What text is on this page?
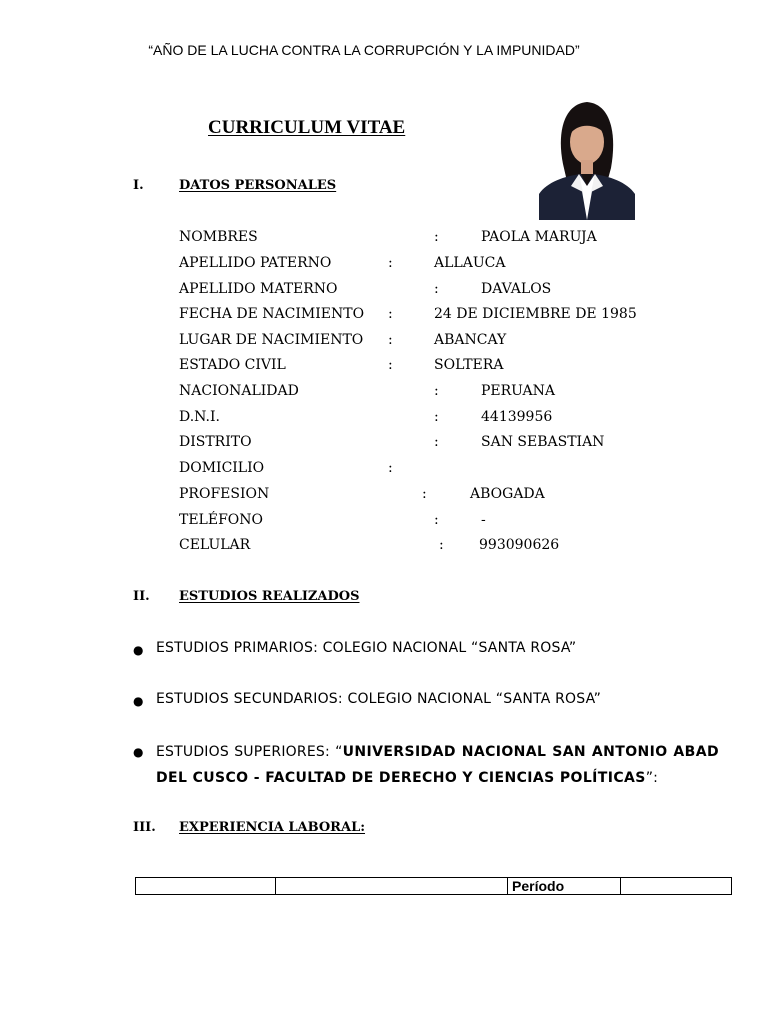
“AÑO DE LA LUCHA CONTRA LA CORRUPCIÓN Y LA IMPUNIDAD”
CURRICULUM VITAE
I.	DATOS PERSONALES
NOMBRES	:	PAOLA MARUJA
APELLIDO PATERNO	:	ALLAUCA
APELLIDO MATERNO	:	DAVALOS
FECHA DE NACIMIENTO :	24 DE DICIEMBRE DE 1985
LUGAR DE NACIMIENTO :	ABANCAY
ESTADO CIVIL	:	SOLTERA
NACIONALIDAD	:	PERUANA
D.N.I.	:	44139956
DISTRITO	:	SAN SEBASTIAN
DOMICILIO	:
PROFESION	:	ABOGADA
TELÉFONO	:	-
CELULAR	:	993090626
II. ESTUDIOS REALIZADOS
● ESTUDIOS PRIMARIOS: COLEGIO NACIONAL “SANTA ROSA”
● ESTUDIOS SECUNDARIOS: COLEGIO NACIONAL “SANTA ROSA”
● ESTUDIOS SUPERIORES: “UNIVERSIDAD NACIONAL SAN ANTONIO ABAD DEL CUSCO - FACULTAD DE DERECHO Y CIENCIAS POLÍTICAS”:
III. EXPERIENCIA LABORAL:
		Período	
